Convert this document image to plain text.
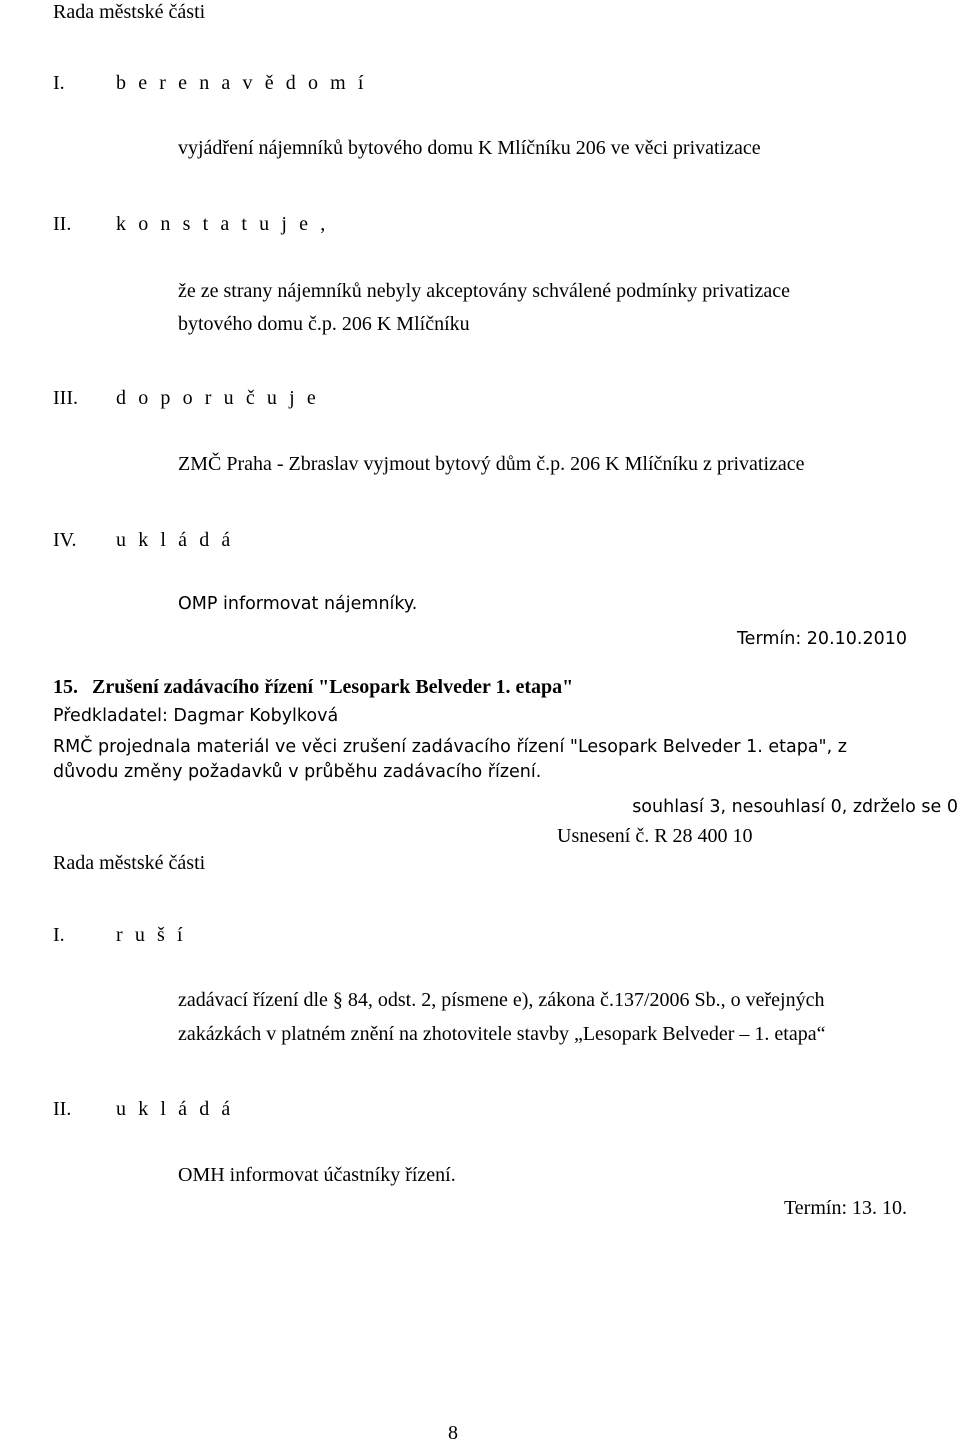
Rada městské části
I.	b e r e n a v ě d o m í
vyjádření nájemníků bytového domu K Mlíčníku 206 ve věci privatizace
II.	k o n s t a t u j e ,
že ze strany nájemníků nebyly akceptovány schválené podmínky privatizace
bytového domu č.p. 206 K Mlíčníku
III.	d o p o r u č u j e
ZMČ Praha - Zbraslav vyjmout bytový dům č.p. 206 K Mlíčníku z privatizace
IV.	u k l á d á
OMP informovat nájemníky.
Termín: 20.10.2010
15. Zrušení zadávacího řízení "Lesopark Belveder 1. etapa"
Předkladatel: Dagmar Kobylková
RMČ projednala materiál ve věci zrušení zadávacího řízení "Lesopark Belveder 1. etapa", z
důvodu změny požadavků v průběhu zadávacího řízení.
souhlasí 3, nesouhlasí 0, zdrželo se 0
Usnesení č. R 28 400 10
Rada městské části
I.	r u š í
zadávací řízení dle § 84, odst. 2, písmene e), zákona č.137/2006 Sb., o veřejných
zakázkách v platném znění na zhotovitele stavby „Lesopark Belveder – 1. etapa“
II.	u k l á d á
OMH informovat účastníky řízení.
Termín: 13. 10.
8
